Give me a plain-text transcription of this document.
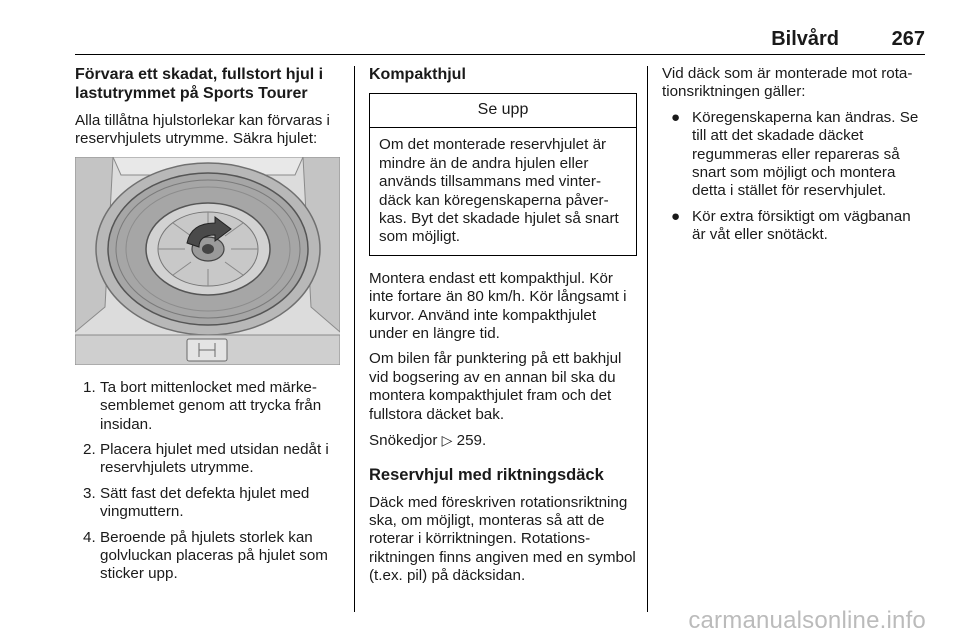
Bilvård	267
Förvara ett skadat, fullstort hjul i
lastutrymmet på Sports Tourer

Alla tillåtna hjulstorlekar kan förvaras i reservhjulets utrymme. Säkra hjulet:

1. Ta bort mittenlocket med märkesemblemet genom att trycka från insidan.
2. Placera hjulet med utsidan nedåt i reservhjulets utrymme.
3. Sätt fast det defekta hjulet med vingmuttern.
4. Beroende på hjulets storlek kan golvluckan placeras på hjulet som sticker upp.
Kompakthjul
Se upp
Om det monterade reservhjulet är mindre än de andra hjulen eller används tillsammans med vinterdäck kan köregenskaperna påverkas. Byt det skadade hjulet så snart som möjligt.

Montera endast ett kompakthjul. Kör inte fortare än 80 km/h. Kör långsamt i kurvor. Använd inte kompakthjulet under en längre tid.

Om bilen får punktering på ett bakhjul vid bogsering av en annan bil ska du montera kompakthjulet fram och det fullstora däcket bak.

Snökedjor ▷ 259.

Reservhjul med riktningsdäck

Däck med föreskriven rotationsriktning ska, om möjligt, monteras så att de roterar i körriktningen. Rotationsriktningen finns angiven med en symbol (t.ex. pil) på däcksidan.

Vid däck som är monterade mot rotationsriktningen gäller:

● Köregenskaperna kan ändras. Se till att det skadade däcket regummeras eller repareras så snart som möjligt och montera detta i stället för reservhjulet.
● Kör extra försiktigt om vägbanan är våt eller snötäckt.
carmanualsonline.info
